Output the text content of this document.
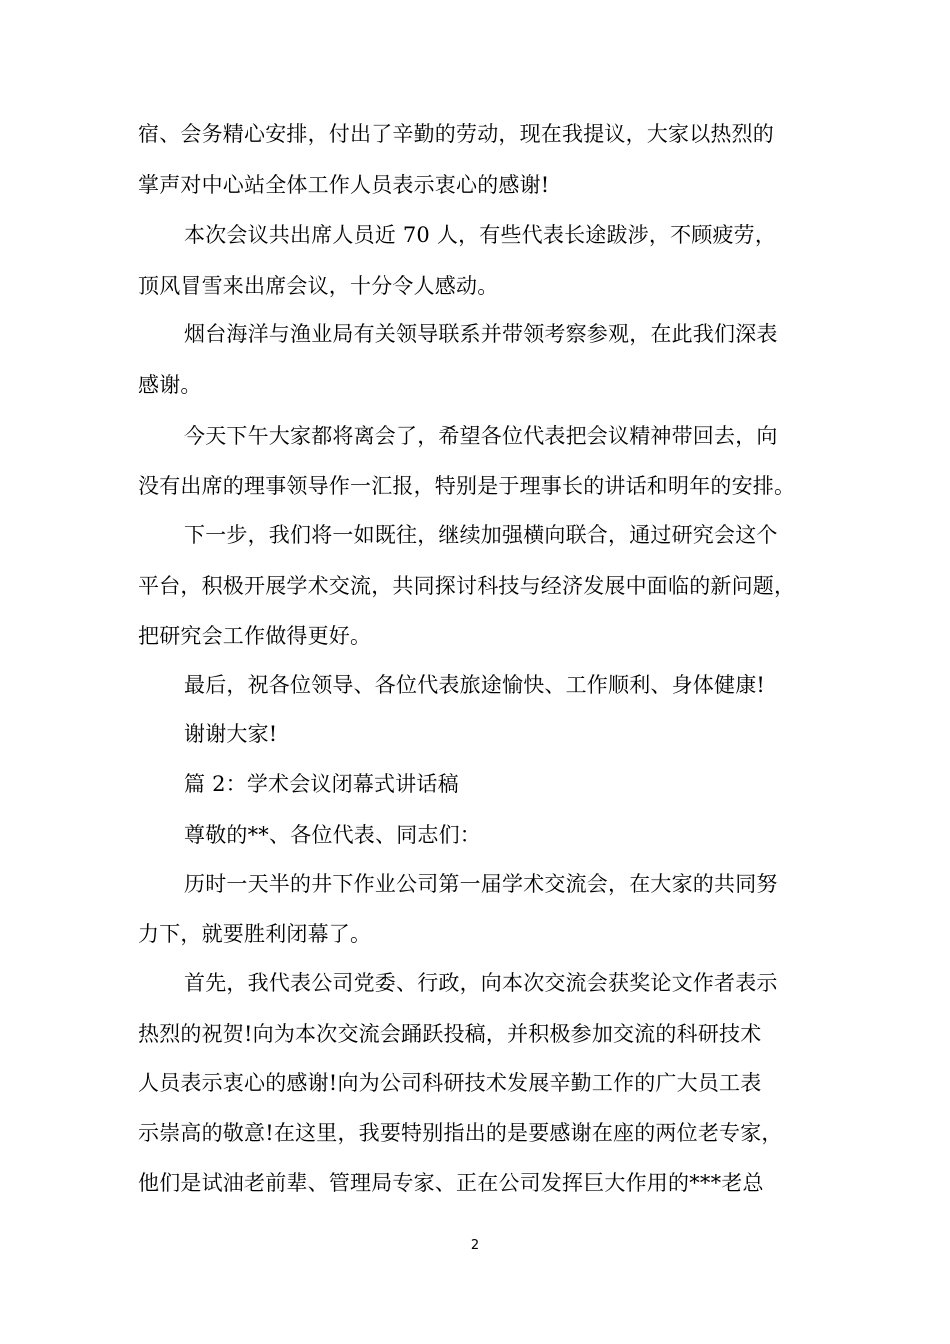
宿、会务精心安排，付出了辛勤的劳动，现在我提议，大家以热烈的
掌声对中心站全体工作人员表示衷心的感谢!
本次会议共出席人员近 70 人，有些代表长途跋涉，不顾疲劳，
顶风冒雪来出席会议，十分令人感动。
烟台海洋与渔业局有关领导联系并带领考察参观，在此我们深表
感谢。
今天下午大家都将离会了，希望各位代表把会议精神带回去，向
没有出席的理事领导作一汇报，特别是于理事长的讲话和明年的安排。
下一步，我们将一如既往，继续加强横向联合，通过研究会这个
平台，积极开展学术交流，共同探讨科技与经济发展中面临的新问题，
把研究会工作做得更好。
最后，祝各位领导、各位代表旅途愉快、工作顺利、身体健康!
谢谢大家!
篇 2：学术会议闭幕式讲话稿
尊敬的**、各位代表、同志们：
历时一天半的井下作业公司第一届学术交流会，在大家的共同努
力下，就要胜利闭幕了。
首先，我代表公司党委、行政，向本次交流会获奖论文作者表示
热烈的祝贺!向为本次交流会踊跃投稿，并积极参加交流的科研技术
人员表示衷心的感谢!向为公司科研技术发展辛勤工作的广大员工表
示崇高的敬意!在这里，我要特别指出的是要感谢在座的两位老专家，
他们是试油老前辈、管理局专家、正在公司发挥巨大作用的***老总
2
